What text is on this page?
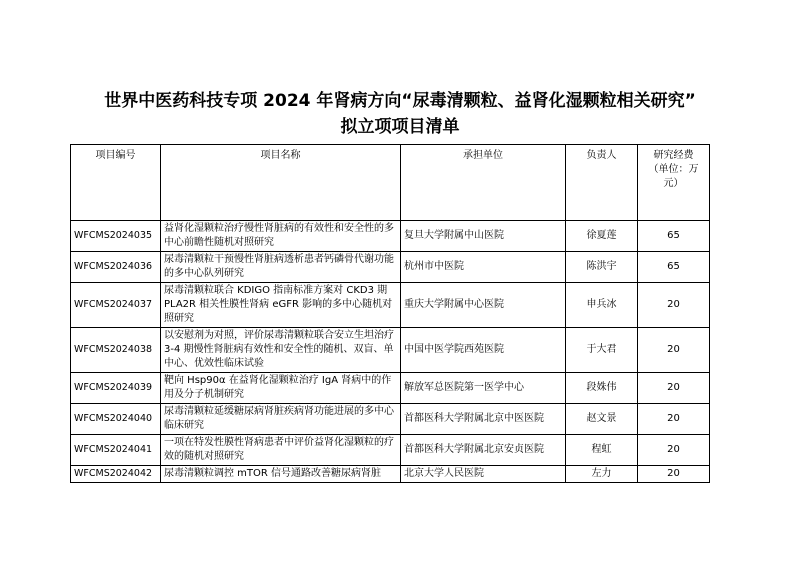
世界中医药科技专项 2024 年肾病方向“尿毒清颗粒、益肾化湿颗粒相关研究”
拟立项项目清单
项目编号	项目名称	承担单位	负责人	研究经费
（单位：万
元）

WFCMS2024035	益肾化湿颗粒治疗慢性肾脏病的有效性和安全性的多中心前瞻性随机对照研究	复旦大学附属中山医院	徐夏莲	65
WFCMS2024036	尿毒清颗粒干预慢性肾脏病透析患者钙磷骨代谢功能的多中心队列研究	杭州市中医院	陈洪宇	65
WFCMS2024037	尿毒清颗粒联合 KDIGO 指南标准方案对 CKD3 期 PLA2R 相关性膜性肾病 eGFR 影响的多中心随机对照研究	重庆大学附属中心医院	申兵冰	20
WFCMS2024038	以安慰剂为对照，评价尿毒清颗粒联合安立生坦治疗 3-4 期慢性肾脏病有效性和安全性的随机、双盲、单中心、优效性临床试验	中国中医学院西苑医院	于大君	20
WFCMS2024039	靶向 Hsp90α 在益肾化湿颗粒治疗 IgA 肾病中的作用及分子机制研究	解放军总医院第一医学中心	段姝伟	20
WFCMS2024040	尿毒清颗粒延缓糖尿病肾脏疾病肾功能进展的多中心临床研究	首都医科大学附属北京中医医院	赵文景	20
WFCMS2024041	一项在特发性膜性肾病患者中评价益肾化湿颗粒的疗效的随机对照研究	首都医科大学附属北京安贞医院	程虹	20
WFCMS2024042	尿毒清颗粒调控 mTOR 信号通路改善糖尿病肾脏	北京大学人民医院	左力	20
